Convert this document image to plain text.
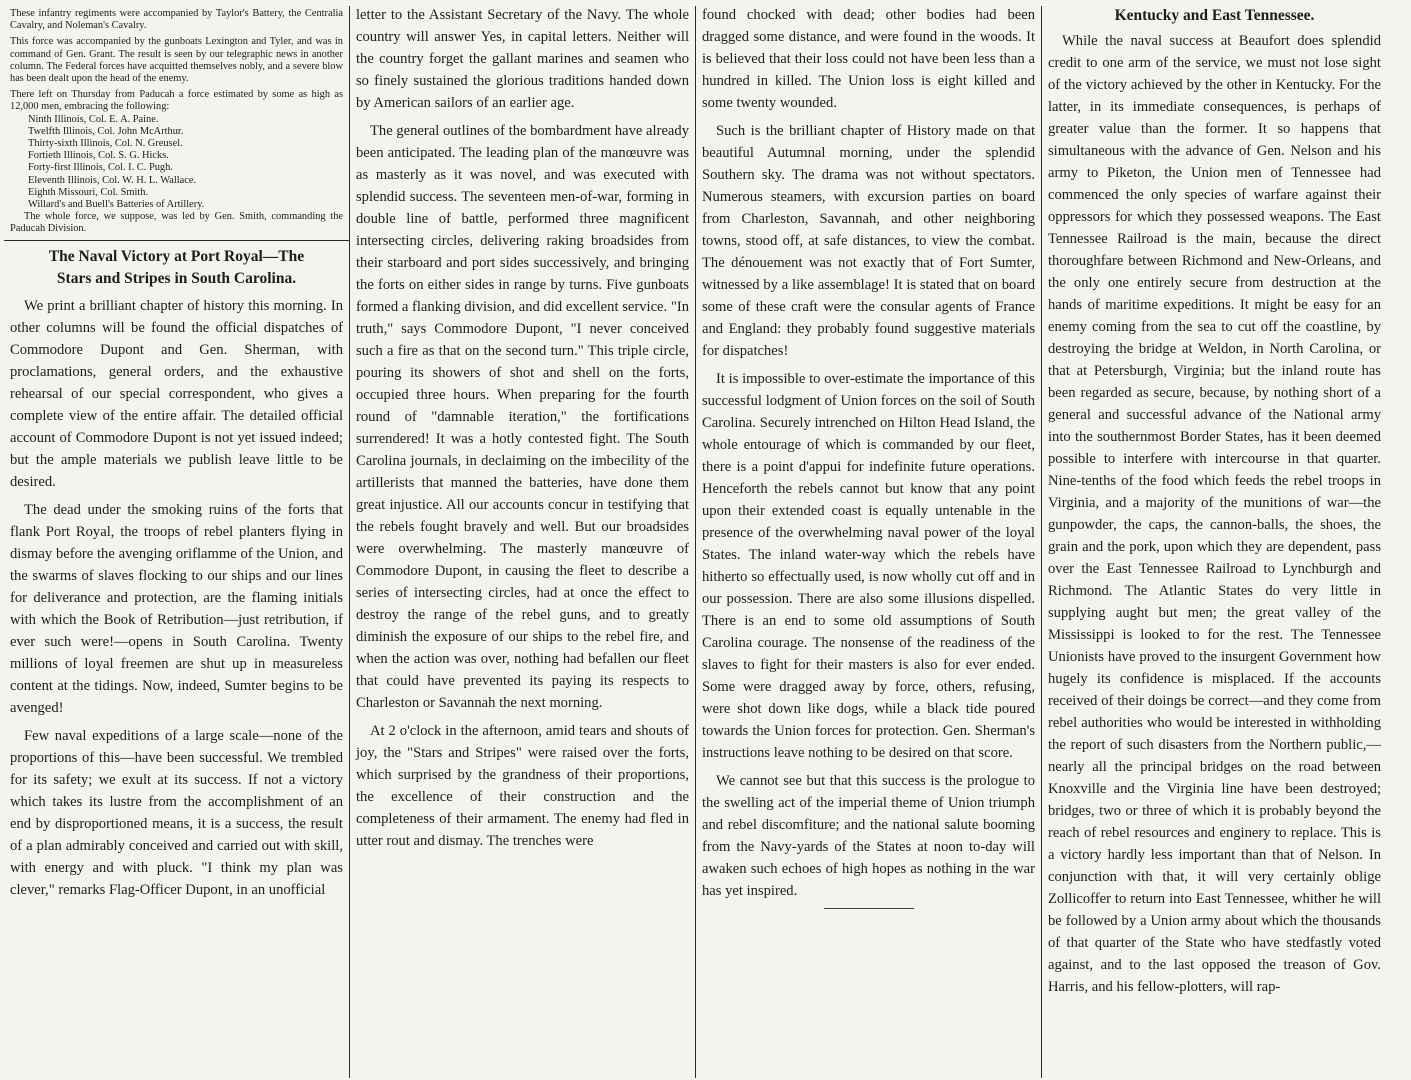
These infantry regiments were accompanied by Taylor's Battery, the Centralia Cavalry, and Noleman's Cavalry.

This force was accompanied by the gunboats Lexington and Tyler, and was in command of Gen. Grant. The result is seen by our telegraphic news in another column. The Federal forces have acquitted themselves nobly, and a severe blow has been dealt upon the head of the enemy.

There left on Thursday from Paducah a force estimated by some as high as 12,000 men, embracing the following:

Ninth Illinois, Col. E. A. Paine.
Twelfth Illinois, Col. John McArthur.
Thirty-sixth Illinois, Col. N. Greusel.
Fortieth Illinois, Col. S. G. Hicks.
Forty-first Illinois, Col. I. C. Pugh.
Eleventh Illinois, Col. W. H. L. Wallace.
Eighth Missouri, Col. Smith.
Willard's and Buell's Batteries of Artillery.

The whole force, we suppose, was led by Gen. Smith, commanding the Paducah Division.

The Naval Victory at Port Royal—The
Stars and Stripes in South Carolina.

We print a brilliant chapter of history this morning. In other columns will be found the official dispatches of Commodore Dupont and Gen. Sherman, with proclamations, general orders, and the exhaustive rehearsal of our special correspondent, who gives a complete view of the entire affair. The detailed official account of Commodore Dupont is not yet issued indeed; but the ample materials we publish leave little to be desired.

The dead under the smoking ruins of the forts that flank Port Royal, the troops of rebel planters flying in dismay before the avenging oriflamme of the Union, and the swarms of slaves flocking to our ships and our lines for deliverance and protection, are the flaming initials with which the Book of Retribution—just retribution, if ever such were!—opens in South Carolina. Twenty millions of loyal freemen are shut up in measureless content at the tidings. Now, indeed, Sumter begins to be avenged!

Few naval expeditions of a large scale—none of the proportions of this—have been successful. We trembled for its safety; we exult at its success. If not a victory which takes its lustre from the accomplishment of an end by disproportioned means, it is a success, the result of a plan admirably conceived and carried out with skill, with energy and with pluck. "I think my plan was clever," remarks Flag-Officer Dupont, in an unofficial

letter to the Assistant Secretary of the Navy. The whole country will answer Yes, in capital letters. Neither will the country forget the gallant marines and seamen who so finely sustained the glorious traditions handed down by American sailors of an earlier age.

The general outlines of the bombardment have already been anticipated. The leading plan of the manœuvre was as masterly as it was novel, and was executed with splendid success. The seventeen men-of-war, forming in double line of battle, performed three magnificent intersecting circles, delivering raking broadsides from their starboard and port sides successively, and bringing the forts on either sides in range by turns. Five gunboats formed a flanking division, and did excellent service. "In truth," says Commodore Dupont, "I never conceived such a fire as that on the second turn." This triple circle, pouring its showers of shot and shell on the forts, occupied three hours. When preparing for the fourth round of "damnable iteration," the fortifications surrendered! It was a hotly contested fight. The South Carolina journals, in declaiming on the imbecility of the artillerists that manned the batteries, have done them great injustice. All our accounts concur in testifying that the rebels fought bravely and well. But our broadsides were overwhelming. The masterly manœuvre of Commodore Dupont, in causing the fleet to describe a series of intersecting circles, had at once the effect to destroy the range of the rebel guns, and to greatly diminish the exposure of our ships to the rebel fire, and when the action was over, nothing had befallen our fleet that could have prevented its paying its respects to Charleston or Savannah the next morning.

At 2 o'clock in the afternoon, amid tears and shouts of joy, the "Stars and Stripes" were raised over the forts, which surprised by the grandness of their proportions, the excellence of their construction and the completeness of their armament. The enemy had fled in utter rout and dismay. The trenches were

found chocked with dead; other bodies had been dragged some distance, and were found in the woods. It is believed that their loss could not have been less than a hundred in killed. The Union loss is eight killed and some twenty wounded.

Such is the brilliant chapter of History made on that beautiful Autumnal morning, under the splendid Southern sky. The drama was not without spectators. Numerous steamers, with excursion parties on board from Charleston, Savannah, and other neighboring towns, stood off, at safe distances, to view the combat. The dénouement was not exactly that of Fort Sumter, witnessed by a like assemblage! It is stated that on board some of these craft were the consular agents of France and England: they probably found suggestive materials for dispatches!

It is impossible to over-estimate the importance of this successful lodgment of Union forces on the soil of South Carolina. Securely intrenched on Hilton Head Island, the whole entourage of which is commanded by our fleet, there is a point d'appui for indefinite future operations. Henceforth the rebels cannot but know that any point upon their extended coast is equally untenable in the presence of the overwhelming naval power of the loyal States. The inland water-way which the rebels have hitherto so effectually used, is now wholly cut off and in our possession. There are also some illusions dispelled. There is an end to some old assumptions of South Carolina courage. The nonsense of the readiness of the slaves to fight for their masters is also for ever ended. Some were dragged away by force, others, refusing, were shot down like dogs, while a black tide poured towards the Union forces for protection. Gen. Sherman's instructions leave nothing to be desired on that score.

We cannot see but that this success is the prologue to the swelling act of the imperial theme of Union triumph and rebel discomfiture; and the national salute booming from the Navy-yards of the States at noon to-day will awaken such echoes of high hopes as nothing in the war has yet inspired.

Kentucky and East Tennessee.

While the naval success at Beaufort does splendid credit to one arm of the service, we must not lose sight of the victory achieved by the other in Kentucky. For the latter, in its immediate consequences, is perhaps of greater value than the former. It so happens that simultaneous with the advance of Gen. Nelson and his army to Piketon, the Union men of Tennessee had commenced the only species of warfare against their oppressors for which they possessed weapons. The East Tennessee Railroad is the main, because the direct thoroughfare between Richmond and New-Orleans, and the only one entirely secure from destruction at the hands of maritime expeditions. It might be easy for an enemy coming from the sea to cut off the coastline, by destroying the bridge at Weldon, in North Carolina, or that at Petersburgh, Virginia; but the inland route has been regarded as secure, because, by nothing short of a general and successful advance of the National army into the southernmost Border States, has it been deemed possible to interfere with intercourse in that quarter. Nine-tenths of the food which feeds the rebel troops in Virginia, and a majority of the munitions of war—the gunpowder, the caps, the cannon-balls, the shoes, the grain and the pork, upon which they are dependent, pass over the East Tennessee Railroad to Lynchburgh and Richmond. The Atlantic States do very little in supplying aught but men; the great valley of the Mississippi is looked to for the rest. The Tennessee Unionists have proved to the insurgent Government how hugely its confidence is misplaced. If the accounts received of their doings be correct—and they come from rebel authorities who would be interested in withholding the report of such disasters from the Northern public,—nearly all the principal bridges on the road between Knoxville and the Virginia line have been destroyed; bridges, two or three of which it is probably beyond the reach of rebel resources and enginery to replace. This is a victory hardly less important than that of Nelson. In conjunction with that, it will very certainly oblige Zollicoffer to return into East Tennessee, whither he will be followed by a Union army about which the thousands of that quarter of the State who have stedfastly voted against, and to the last opposed the treason of Gov. Harris, and his fellow-plotters, will rap-
